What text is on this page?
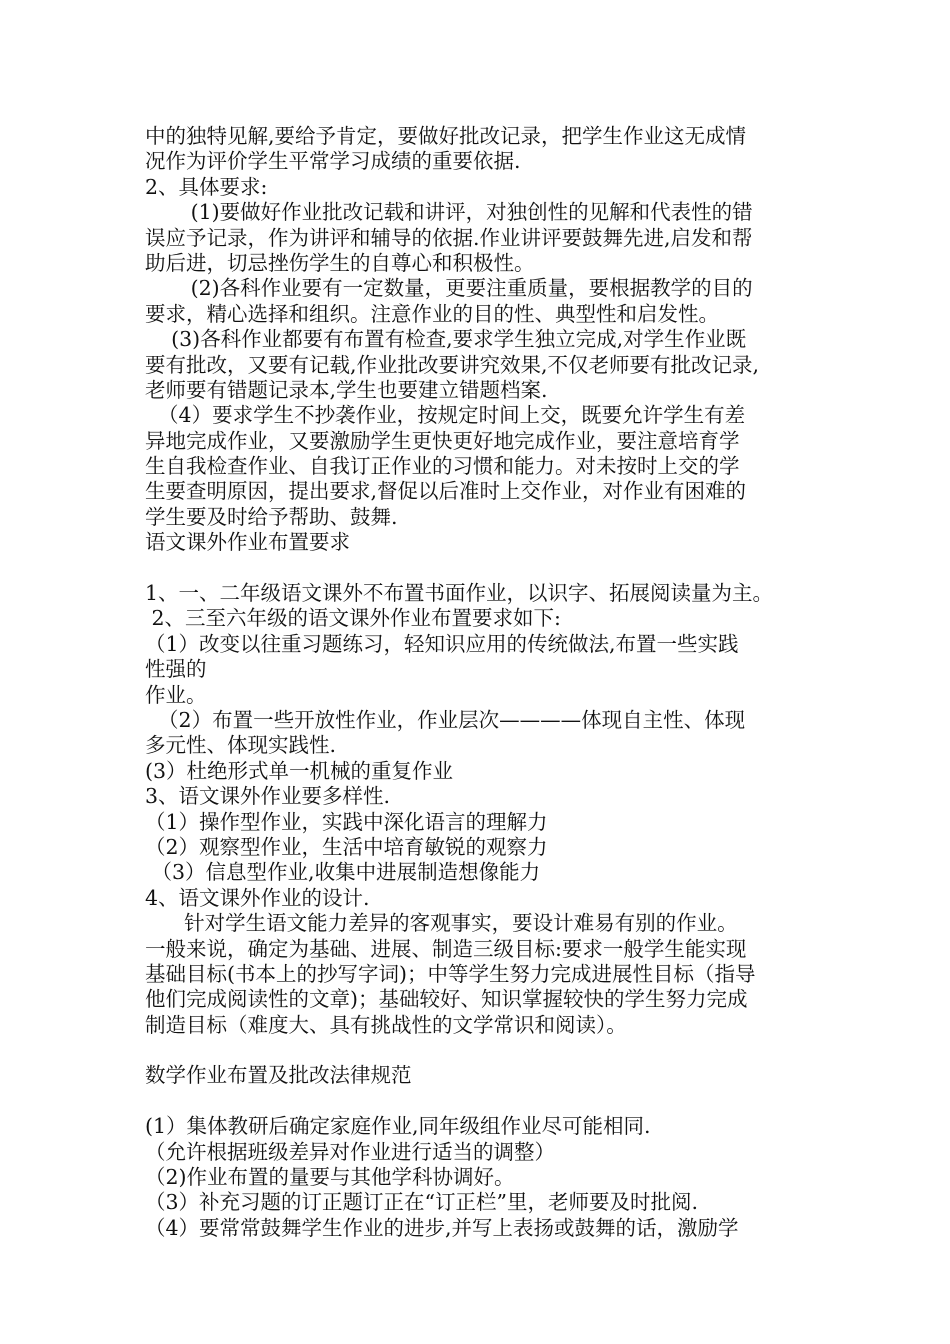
中的独特见解,要给予肯定，要做好批改记录，把学生作业这无成情
况作为评价学生平常学习成绩的重要依据.
2、具体要求:
(1)要做好作业批改记载和讲评，对独创性的见解和代表性的错
误应予记录，作为讲评和辅导的依据.作业讲评要鼓舞先进,启发和帮
助后进，切忌挫伤学生的自尊心和积极性。
(2)各科作业要有一定数量，更要注重质量，要根据教学的目的
要求，精心选择和组织。注意作业的目的性、典型性和启发性。
(3)各科作业都要有布置有检查,要求学生独立完成,对学生作业既
要有批改，又要有记载,作业批改要讲究效果,不仅老师要有批改记录,
老师要有错题记录本,学生也要建立错题档案.
（4）要求学生不抄袭作业，按规定时间上交，既要允许学生有差
异地完成作业，又要激励学生更快更好地完成作业，要注意培育学
生自我检查作业、自我订正作业的习惯和能力。对未按时上交的学
生要查明原因，提出要求,督促以后准时上交作业，对作业有困难的
学生要及时给予帮助、鼓舞.
语文课外作业布置要求
1、一、二年级语文课外不布置书面作业，以识字、拓展阅读量为主。
2、三至六年级的语文课外作业布置要求如下:
（1）改变以往重习题练习，轻知识应用的传统做法,布置一些实践
性强的
作业。
（2）布置一些开放性作业，作业层次————体现自主性、体现
多元性、体现实践性.
(3）杜绝形式单一机械的重复作业
3、语文课外作业要多样性.
（1）操作型作业，实践中深化语言的理解力
（2）观察型作业，生活中培育敏锐的观察力
（3）信息型作业,收集中进展制造想像能力
4、语文课外作业的设计.
针对学生语文能力差异的客观事实，要设计难易有别的作业。
一般来说，确定为基础、进展、制造三级目标:要求一般学生能实现
基础目标(书本上的抄写字词)；中等学生努力完成进展性目标（指导
他们完成阅读性的文章)；基础较好、知识掌握较快的学生努力完成
制造目标（难度大、具有挑战性的文学常识和阅读）。
数学作业布置及批改法律规范
(1）集体教研后确定家庭作业,同年级组作业尽可能相同.
（允许根据班级差异对作业进行适当的调整）
（2)作业布置的量要与其他学科协调好。
（3）补充习题的订正题订正在“订正栏”里，老师要及时批阅.
（4）要常常鼓舞学生作业的进步,并写上表扬或鼓舞的话，激励学
